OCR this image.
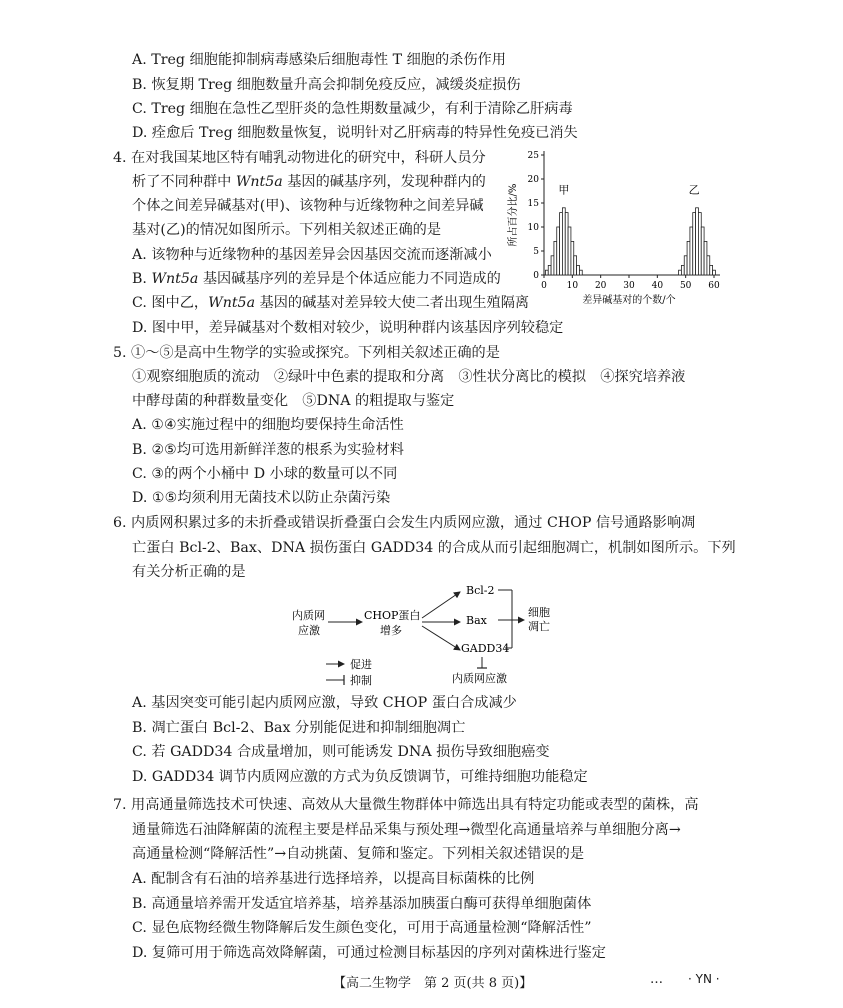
A. Treg 细胞能抑制病毒感染后细胞毒性 T 细胞的杀伤作用
B. 恢复期 Treg 细胞数量升高会抑制免疫反应，减缓炎症损伤
C. Treg 细胞在急性乙型肝炎的急性期数量减少，有利于清除乙肝病毒
D. 痊愈后 Treg 细胞数量恢复，说明针对乙肝病毒的特异性免疫已消失
4. 在对我国某地区特有哺乳动物进化的研究中，科研人员分
析了不同种群中 Wnt5a 基因的碱基序列，发现种群内的
个体之间差异碱基对(甲)、该物种与近缘物种之间差异碱
基对(乙)的情况如图所示。下列相关叙述正确的是
A. 该物种与近缘物种的基因差异会因基因交流而逐渐减小
B. Wnt5a 基因碱基序列的差异是个体适应能力不同造成的
C. 图中乙，Wnt5a 基因的碱基对差异较大使二者出现生殖隔离
D. 图中甲，差异碱基对个数相对较少，说明种群内该基因序列较稳定
0
5
10
15
20
25
0 10 20 30 40 50 60
甲	乙
差异碱基对的个数/个
所占百分比/%
5. ①～⑤是高中生物学的实验或探究。下列相关叙述正确的是
①观察细胞质的流动　②绿叶中色素的提取和分离　③性状分离比的模拟　④探究培养液
中酵母菌的种群数量变化　⑤DNA 的粗提取与鉴定
A. ①④实施过程中的细胞均要保持生命活性
B. ②⑤均可选用新鲜洋葱的根系为实验材料
C. ③的两个小桶中 D 小球的数量可以不同
D. ①⑤均须利用无菌技术以防止杂菌污染
6. 内质网积累过多的未折叠或错误折叠蛋白会发生内质网应激，通过 CHOP 信号通路影响凋
亡蛋白 Bcl-2、Bax、DNA 损伤蛋白 GADD34 的合成从而引起细胞凋亡，机制如图所示。下列
有关分析正确的是
内质网
应激
CHOP蛋白
增多
Bcl-2
Bax
GADD34
细胞
凋亡
内质网应激
促进
抑制
A. 基因突变可能引起内质网应激，导致 CHOP 蛋白合成减少
B. 凋亡蛋白 Bcl-2、Bax 分别能促进和抑制细胞凋亡
C. 若 GADD34 合成量增加，则可能诱发 DNA 损伤导致细胞癌变
D. GADD34 调节内质网应激的方式为负反馈调节，可维持细胞功能稳定
7. 用高通量筛选技术可快速、高效从大量微生物群体中筛选出具有特定功能或表型的菌株，高
通量筛选石油降解菌的流程主要是样品采集与预处理→微型化高通量培养与单细胞分离→
高通量检测“降解活性”→自动挑菌、复筛和鉴定。下列相关叙述错误的是
A. 配制含有石油的培养基进行选择培养，以提高目标菌株的比例
B. 高通量培养需开发适宜培养基，培养基添加胰蛋白酶可获得单细胞菌体
C. 显色底物经微生物降解后发生颜色变化，可用于高通量检测“降解活性”
D. 复筛可用于筛选高效降解菌，可通过检测目标基因的序列对菌株进行鉴定
【高二生物学　第 2 页(共 8 页)】	… · YN ·
